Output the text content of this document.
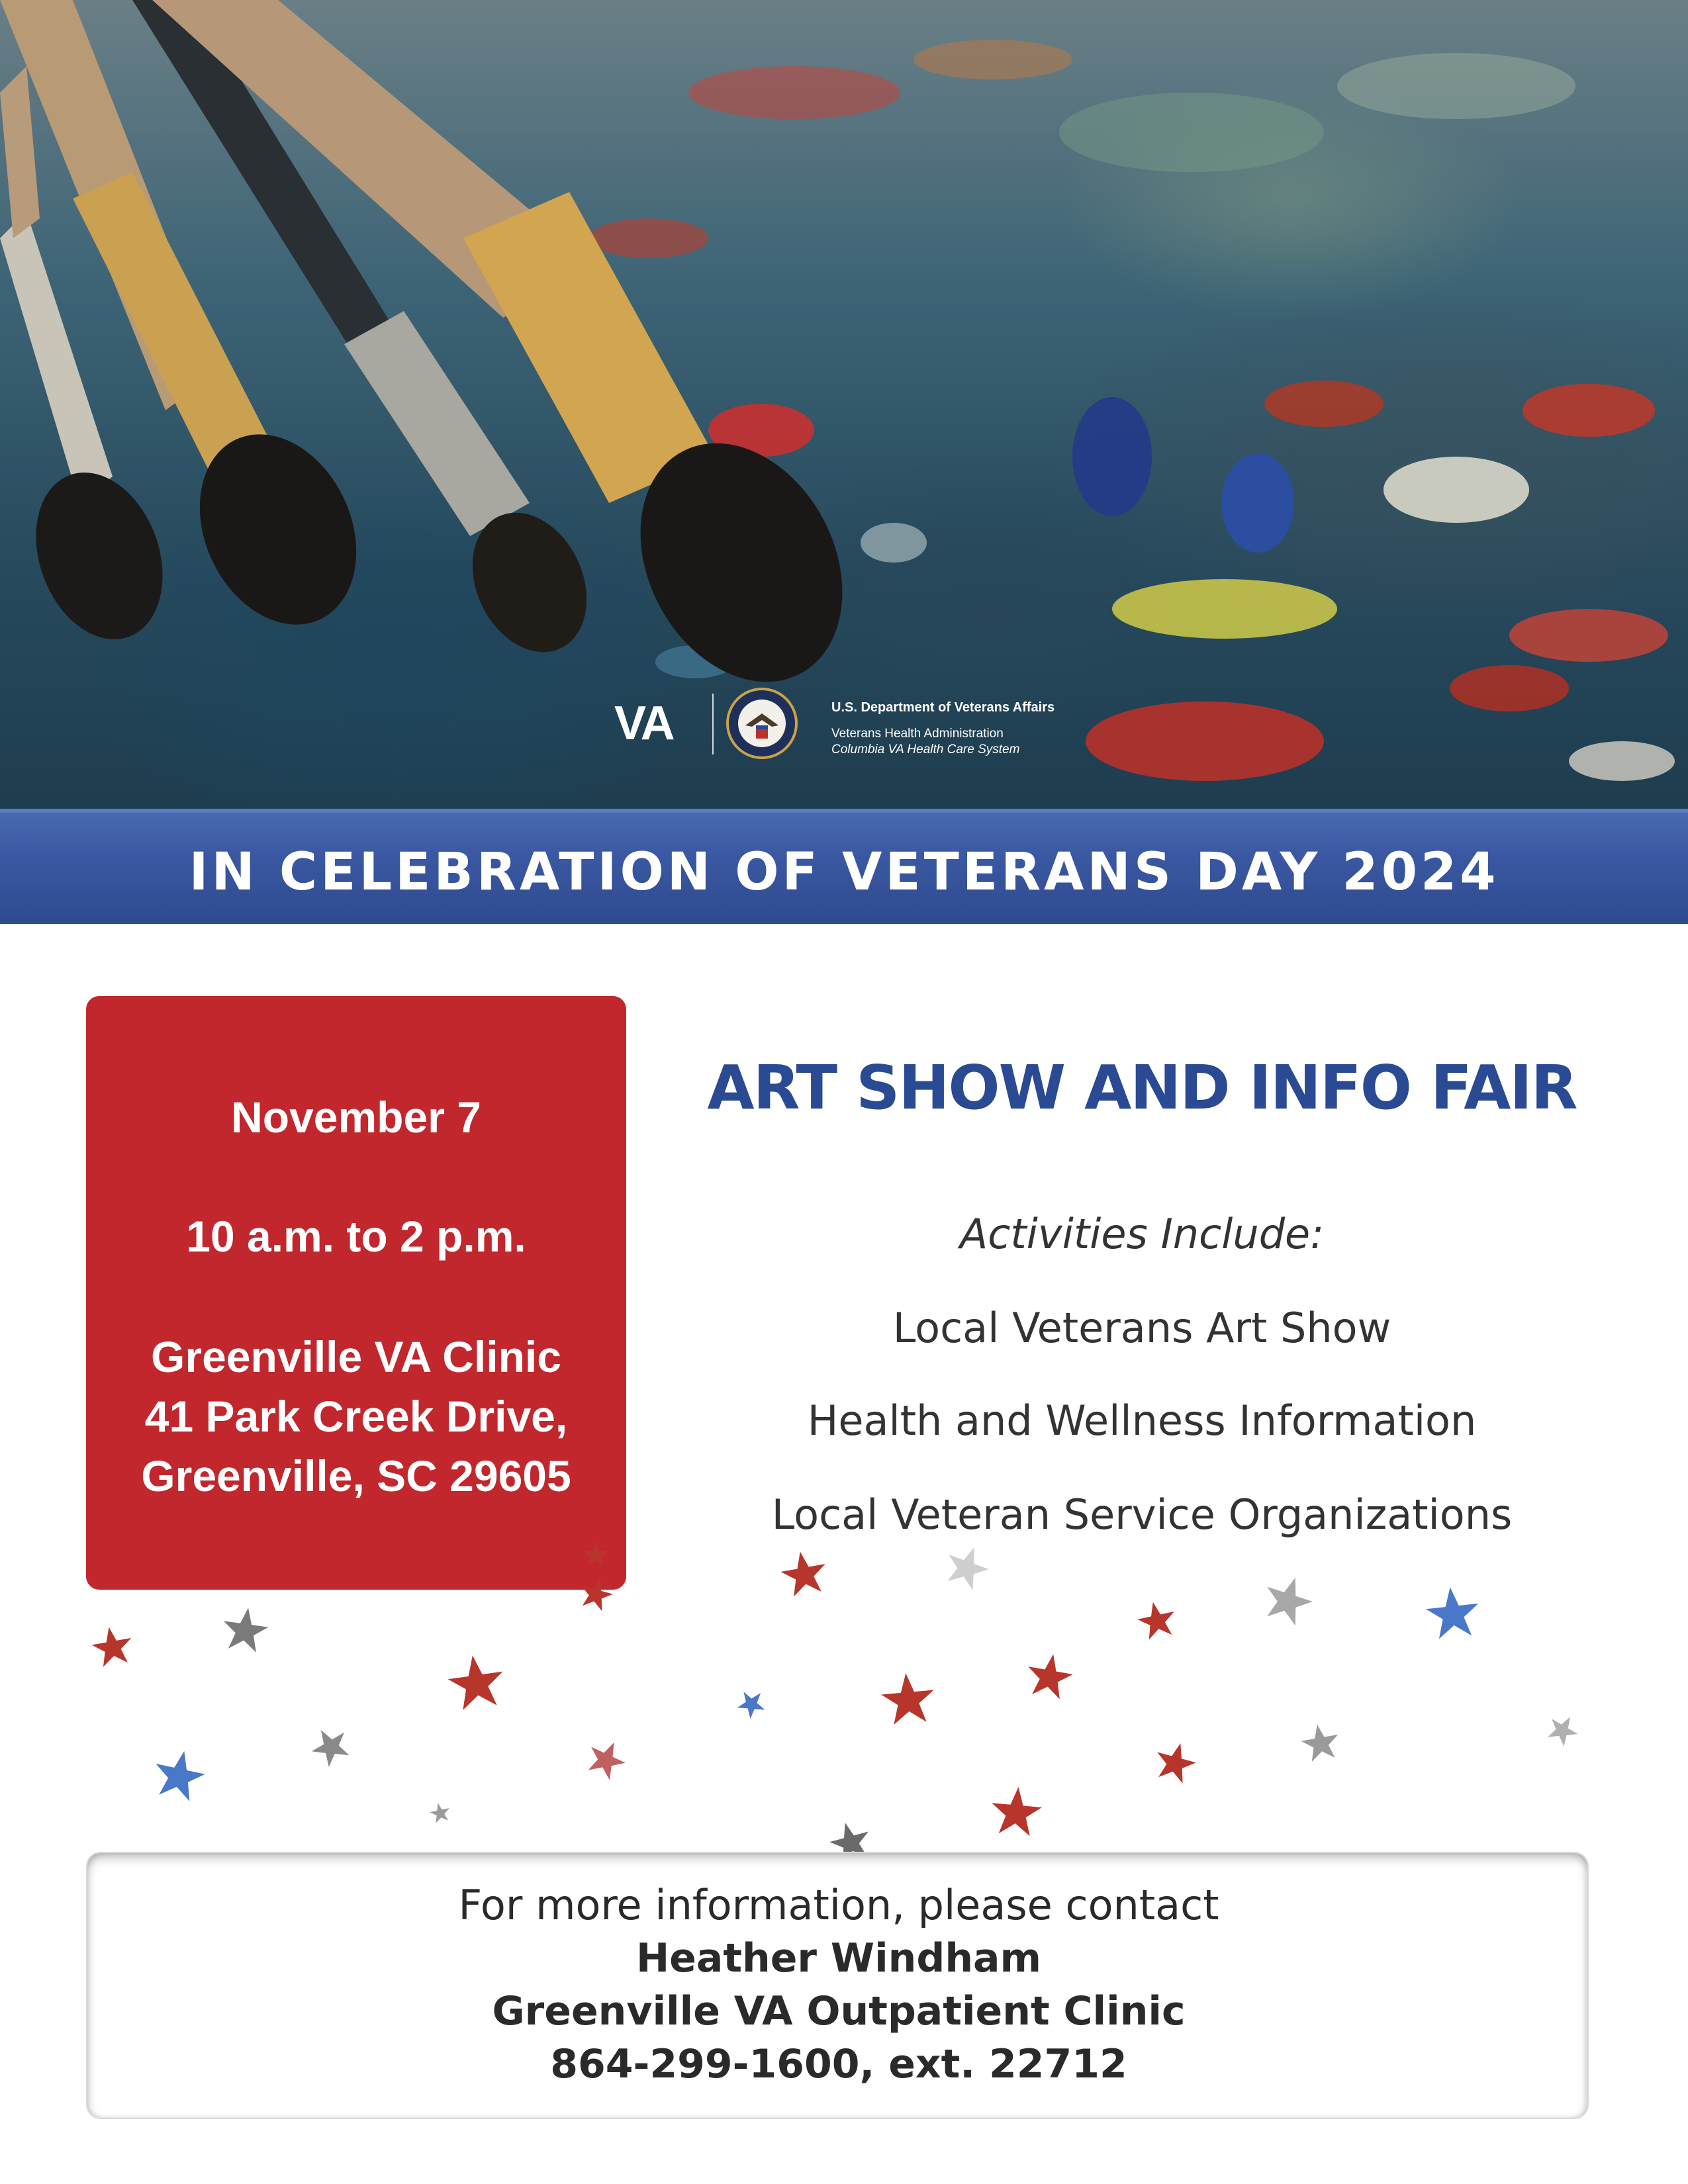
VA	U.S. Department of Veterans Affairs
Veterans Health Administration
Columbia VA Health Care System
IN CELEBRATION OF VETERANS DAY 2024
November 7
10 a.m. to 2 p.m.
Greenville VA Clinic
41 Park Creek Drive,
Greenville, SC 29605
ART SHOW AND INFO FAIR
Activities Include:
Local Veterans Art Show
Health and Wellness Information
Local Veteran Service Organizations
For more information, please contact
Heather Windham
Greenville VA Outpatient Clinic
864-299-1600, ext. 22712
